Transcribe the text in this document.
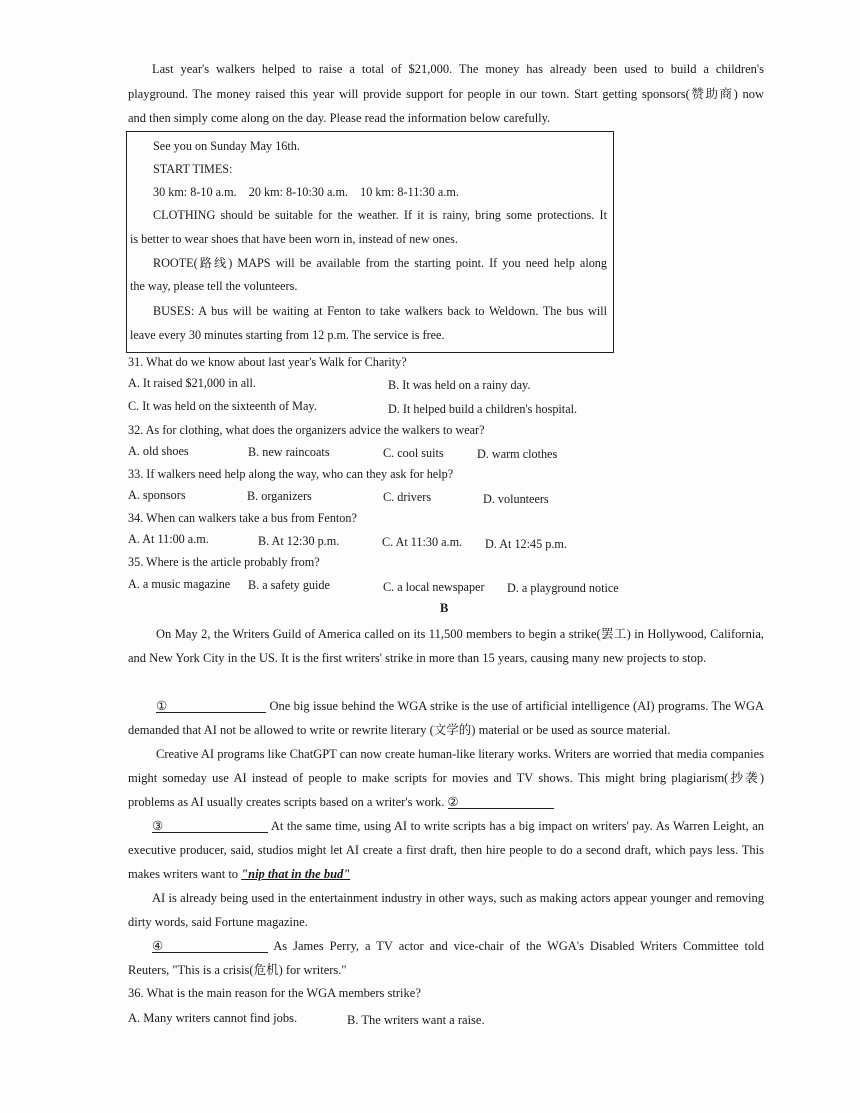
Last year's walkers helped to raise a total of $21,000. The money has already been used to build a children's
playground. The money raised this year will provide support for people in our town. Start getting sponsors(赞助商) now
and then simply come along on the day. Please read the information below carefully.
See you on Sunday May 16th.
START TIMES:
30 km: 8-10 a.m.    20 km: 8-10:30 a.m.    10 km: 8-11:30 a.m.
CLOTHING should be suitable for the weather. If it is rainy, bring some protections. It
is better to wear shoes that have been worn in, instead of new ones.
ROOTE(路线) MAPS will be available from the starting point. If you need help along
the way, please tell the volunteers.
BUSES: A bus will be waiting at Fenton to take walkers back to Weldown. The bus will
leave every 30 minutes starting from 12 p.m. The service is free.
31. What do we know about last year's Walk for Charity?
A. It raised $21,000 in all.	B. It was held on a rainy day.
C. It was held on the sixteenth of May.	D. It helped build a children's hospital.
32. As for clothing, what does the organizers advice the walkers to wear?
A. old shoes	B. new raincoats	C. cool suits	D. warm clothes
33. If walkers need help along the way, who can they ask for help?
A. sponsors	B. organizers	C. drivers	D. volunteers
34. When can walkers take a bus from Fenton?
A. At 11:00 a.m.	B. At 12:30 p.m.	C. At 11:30 a.m. D. At 12:45 p.m.
35. Where is the article probably from?
A. a music magazine B. a safety guide	C. a local newspaper D. a playground notice
B
On May 2, the Writers Guild of America called on its 11,500 members to begin a strike(罢工) in Hollywood, California, and New York City in the US. It is the first writers' strike in more than 15 years, causing many new projects to stop.
①	One big issue behind the WGA strike is the use of artificial intelligence (AI) programs. The WGA demanded that AI not be allowed to write or rewrite literary (文学的) material or be used as source material.
Creative AI programs like ChatGPT can now create human-like literary works. Writers are worried that media companies might someday use AI instead of people to make scripts for movies and TV shows. This might bring plagiarism(抄袭) problems as AI usually creates scripts based on a writer's work. ②
③	At the same time, using AI to write scripts has a big impact on writers' pay. As Warren Leight, an executive producer, said, studios might let AI create a first draft, then hire people to do a second draft, which pays less. This makes writers want to "nip that in the bud"
AI is already being used in the entertainment industry in other ways, such as making actors appear younger and removing dirty words, said Fortune magazine.
④	As James Perry, a TV actor and vice-chair of the WGA's Disabled Writers Committee told Reuters, "This is a crisis(危机) for writers."
36. What is the main reason for the WGA members strike?
A. Many writers cannot find jobs.	B. The writers want a raise.
